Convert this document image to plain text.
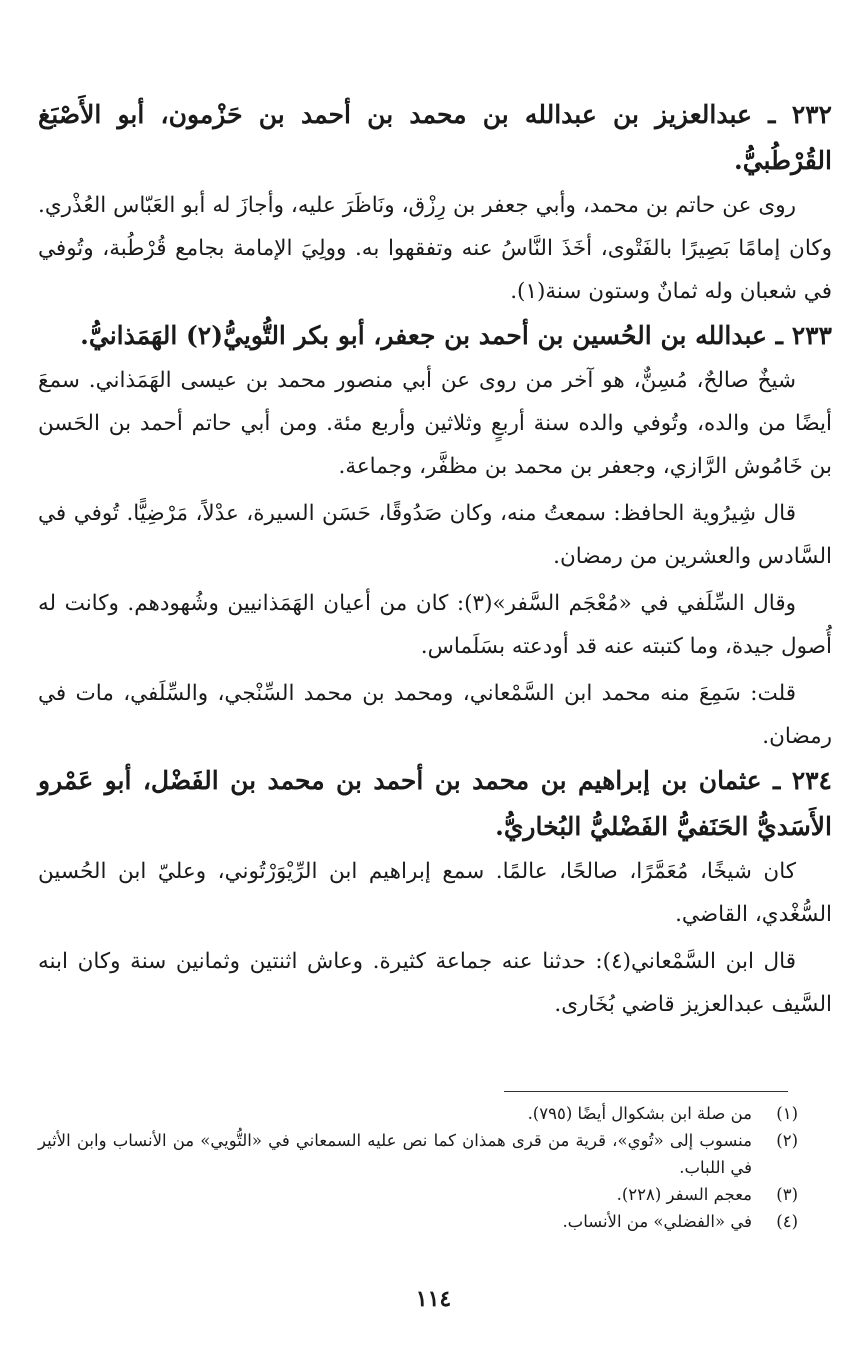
٢٣٢ ـ عبدالعزيز بن عبدالله بن محمد بن أحمد بن حَزْمون، أبو الأَصْبَغ القُرْطُبيُّ.

روى عن حاتم بن محمد، وأبي جعفر بن رِزْق، ونَاظَرَ عليه، وأجازَ له أبو العَبّاس العُذْري. وكان إمامًا بَصِيرًا بالفَتْوى، أخَذَ النَّاسُ عنه وتفقهوا به. وولِيَ الإمامة بجامع قُرْطُبة، وتُوفي في شعبان وله ثمانٌ وستون سنة(١).

٢٣٣ ـ عبدالله بن الحُسين بن أحمد بن جعفر، أبو بكر التُّوييُّ(٢) الهَمَذانيُّ.

شيخٌ صالحٌ، مُسِنٌّ، هو آخر من روى عن أبي منصور محمد بن عيسى الهَمَذاني. سمعَ أيضًا من والده، وتُوفي والده سنة أربعٍ وثلاثين وأربع مئة. ومن أبي حاتم أحمد بن الحَسن بن خَامُوش الرَّازي، وجعفر بن محمد بن مظفَّر، وجماعة.

قال شِيرُوية الحافظ: سمعتُ منه، وكان صَدُوقًا، حَسَن السيرة، عدْلاً، مَرْضِيًّا. تُوفي في السَّادس والعشرين من رمضان.

وقال السِّلَفي في «مُعْجَم السَّفر»(٣): كان من أعيان الهَمَذانيين وشُهودهم. وكانت له أُصول جيدة، وما كتبته عنه قد أودعته بسَلَماس.

قلت: سَمِعَ منه محمد ابن السَّمْعاني، ومحمد بن محمد السِّنْجي، والسِّلَفي، مات في رمضان.

٢٣٤ ـ عثمان بن إبراهيم بن محمد بن أحمد بن محمد بن الفَضْل، أبو عَمْرو الأَسَديُّ الحَنَفيُّ الفَضْليُّ البُخاريُّ.

كان شيخًا، مُعَمَّرًا، صالحًا، عالمًا. سمع إبراهيم ابن الرِّيْوَرْتُوني، وعليّ ابن الحُسين السُّغْدي، القاضي.

قال ابن السَّمْعاني(٤): حدثنا عنه جماعة كثيرة. وعاش اثنتين وثمانين سنة وكان ابنه السَّيف عبدالعزيز قاضي بُخَارى.

(١)
من صلة ابن بشكوال أيضًا (٧٩٥).
(٢)
منسوب إلى «تُوي»، قرية من قرى همذان كما نص عليه السمعاني في «التُّويي» من الأنساب وابن الأثير في اللباب.
(٣)
معجم السفر (٢٢٨).
(٤)
في «الفضلي» من الأنساب.
١١٤
